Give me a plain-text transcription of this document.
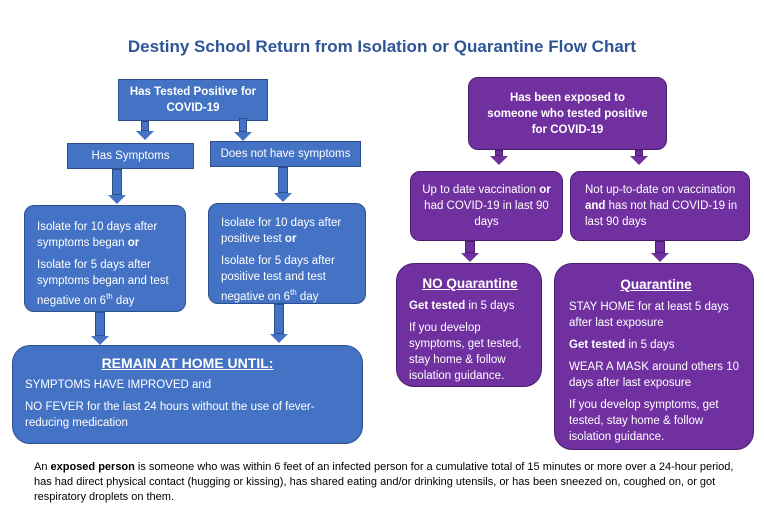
Destiny School Return from Isolation or Quarantine Flow Chart
Has Tested Positive for COVID-19
Has Symptoms	Does not have symptoms

Isolate for 10 days after symptoms began or

Isolate for 5 days after symptoms began and test negative on 6th day

Isolate for 10 days after positive test or

Isolate for 5 days after positive test and test negative on 6th day

REMAIN AT HOME UNTIL:

SYMPTOMS HAVE IMPROVED and

NO FEVER for the last 24 hours without the use of fever-reducing medication

Has been exposed to someone who tested positive for COVID-19
Up to date vaccination or had COVID-19 in last 90 days
Not up-to-date on vaccination and has not had COVID-19 in last 90 days

NO Quarantine

Get tested in 5 days

If you develop symptoms, get tested, stay home & follow isolation guidance.

Quarantine

STAY HOME for at least 5 days after last exposure

Get tested in 5 days

WEAR A MASK around others 10 days after last exposure

If you develop symptoms, get tested, stay home & follow isolation guidance.

An exposed person is someone who was within 6 feet of an infected person for a cumulative total of 15 minutes or more over a 24-hour period, has had direct physical contact (hugging or kissing), has shared eating and/or drinking utensils, or has been sneezed on, coughed on, or got respiratory droplets on them.
